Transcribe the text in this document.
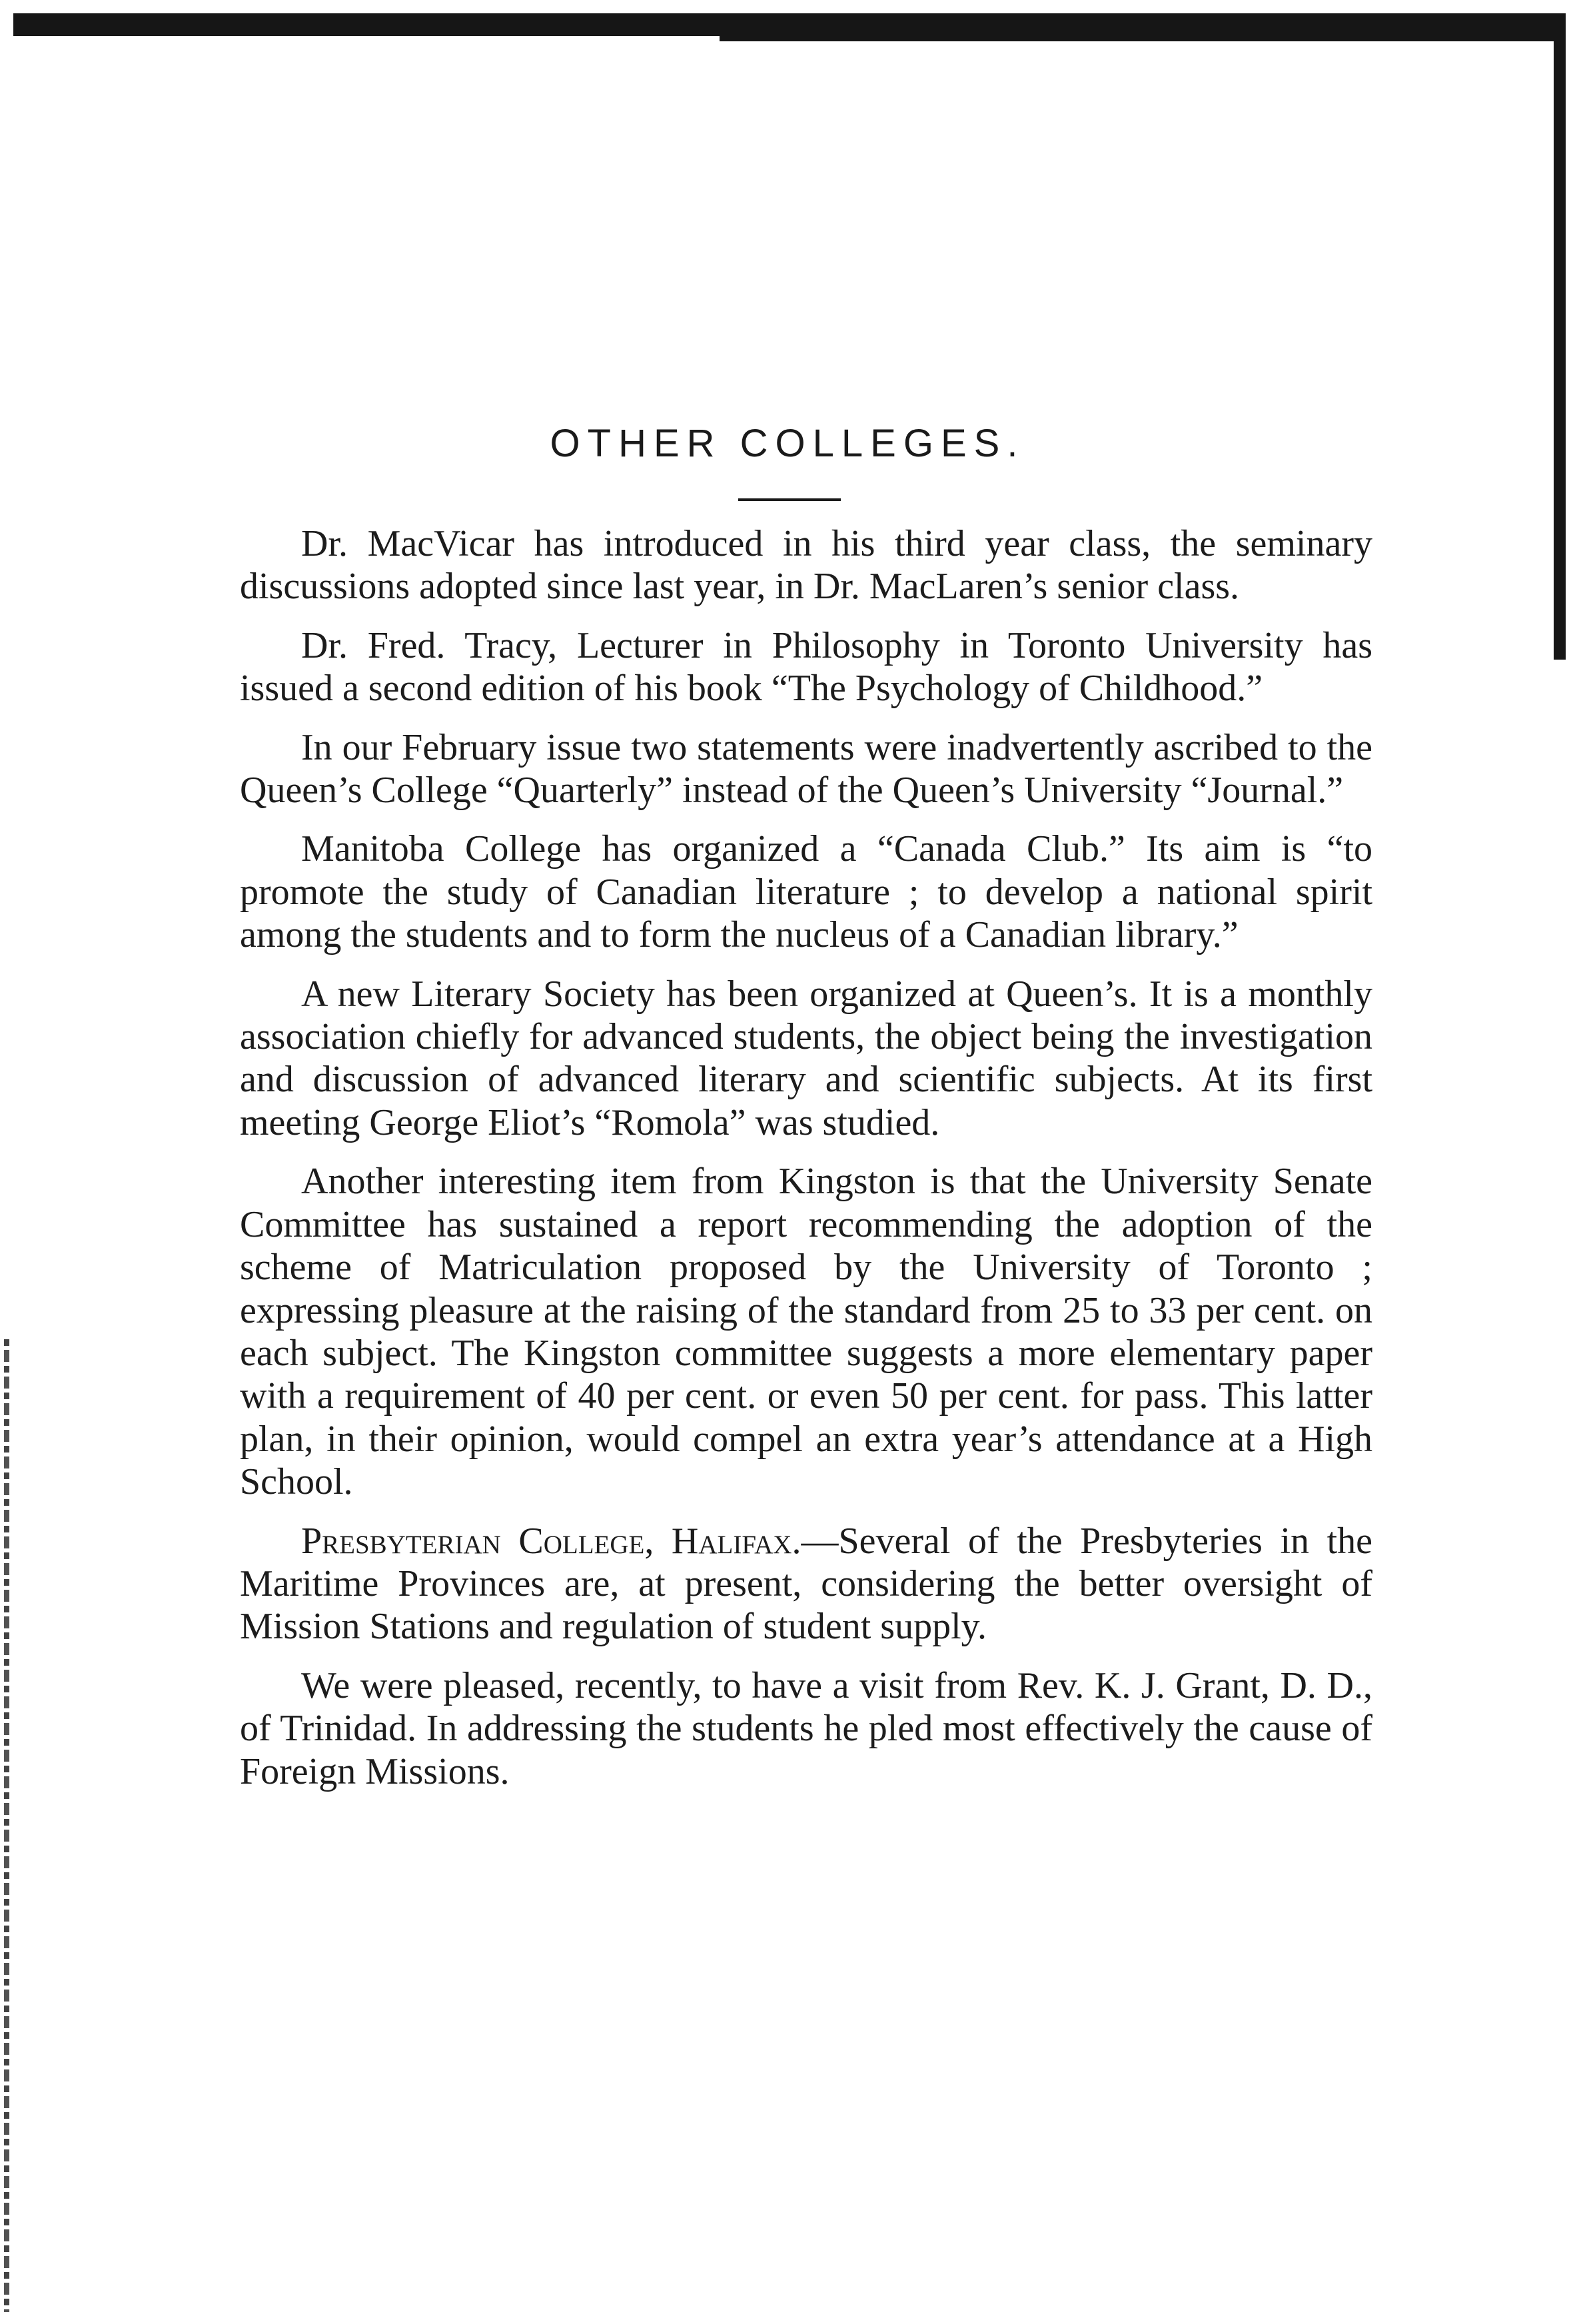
OTHER COLLEGES.

Dr. MacVicar has introduced in his third year class, the seminary discussions adopted since last year, in Dr. MacLaren’s senior class.

Dr. Fred. Tracy, Lecturer in Philosophy in Toronto University has issued a second edition of his book “The Psychology of Childhood.”

In our February issue two statements were inadvertently ascribed to the Queen’s College “Quarterly” instead of the Queen’s University “Journal.”

Manitoba College has organized a “Canada Club.” Its aim is “to promote the study of Canadian literature ; to develop a national spirit among the students and to form the nucleus of a Canadian library.”

A new Literary Society has been organized at Queen’s. It is a monthly association chiefly for advanced students, the object being the investigation and discussion of advanced literary and scientific subjects. At its first meeting George Eliot’s “Romola” was studied.

Another interesting item from Kingston is that the University Senate Committee has sustained a report recommending the adoption of the scheme of Matriculation proposed by the University of Toronto ; expressing pleasure at the raising of the standard from 25 to 33 per cent. on each subject. The Kingston committee suggests a more elementary paper with a requirement of 40 per cent. or even 50 per cent. for pass. This latter plan, in their opinion, would compel an extra year’s attendance at a High School.

Presbyterian College, Halifax.—Several of the Presbyteries in the Maritime Provinces are, at present, considering the better oversight of Mission Stations and regulation of student supply.

We were pleased, recently, to have a visit from Rev. K. J. Grant, D. D., of Trinidad. In addressing the students he pled most effectively the cause of Foreign Missions.
